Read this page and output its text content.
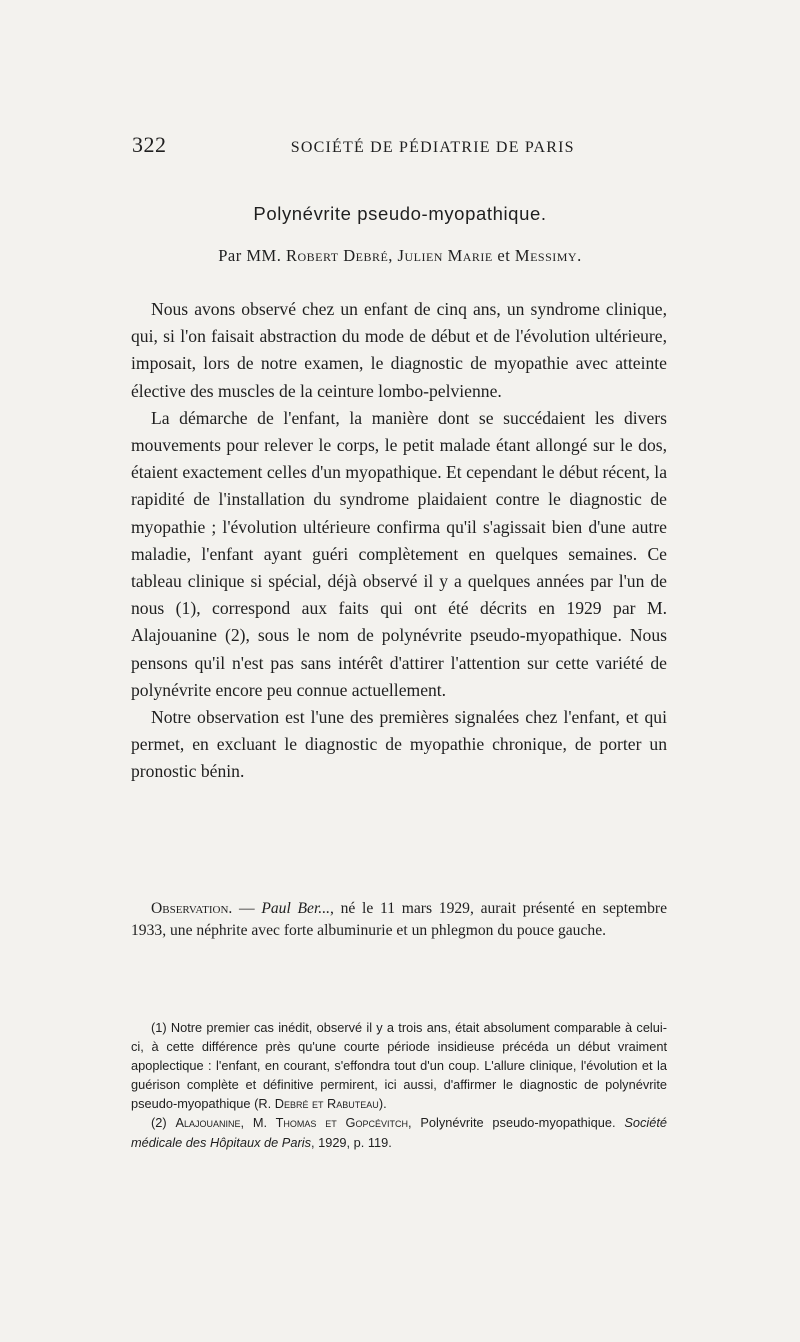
322	SOCIÉTÉ DE PÉDIATRIE DE PARIS
Polynévrite pseudo-myopathique.
Par MM. Robert Debré, Julien Marie et Messimy.

Nous avons observé chez un enfant de cinq ans, un syndrome clinique, qui, si l'on faisait abstraction du mode de début et de l'évolution ultérieure, imposait, lors de notre examen, le diagnostic de myopathie avec atteinte élective des muscles de la ceinture lombo-pelvienne.

La démarche de l'enfant, la manière dont se succédaient les divers mouvements pour relever le corps, le petit malade étant allongé sur le dos, étaient exactement celles d'un myopathique. Et cependant le début récent, la rapidité de l'installation du syndrome plaidaient contre le diagnostic de myopathie ; l'évolution ultérieure confirma qu'il s'agissait bien d'une autre maladie, l'enfant ayant guéri complètement en quelques semaines. Ce tableau clinique si spécial, déjà observé il y a quelques années par l'un de nous (1), correspond aux faits qui ont été décrits en 1929 par M. Alajouanine (2), sous le nom de polynévrite pseudo-myopathique. Nous pensons qu'il n'est pas sans intérêt d'attirer l'attention sur cette variété de polynévrite encore peu connue actuellement.

Notre observation est l'une des premières signalées chez l'enfant, et qui permet, en excluant le diagnostic de myopathie chronique, de porter un pronostic bénin.

Observation. — Paul Ber..., né le 11 mars 1929, aurait présenté en septembre 1933, une néphrite avec forte albuminurie et un phlegmon du pouce gauche.

(1) Notre premier cas inédit, observé il y a trois ans, était absolument comparable à celui-ci, à cette différence près qu'une courte période insidieuse précéda un début vraiment apoplectique : l'enfant, en courant, s'effondra tout d'un coup. L'allure clinique, l'évolution et la guérison complète et définitive permirent, ici aussi, d'affirmer le diagnostic de polynévrite pseudo-myopathique (R. Debré et Rabuteau).

(2) Alajouanine, M. Thomas et Gopcévitch, Polynévrite pseudo-myopathique. Société médicale des Hôpitaux de Paris, 1929, p. 119.
